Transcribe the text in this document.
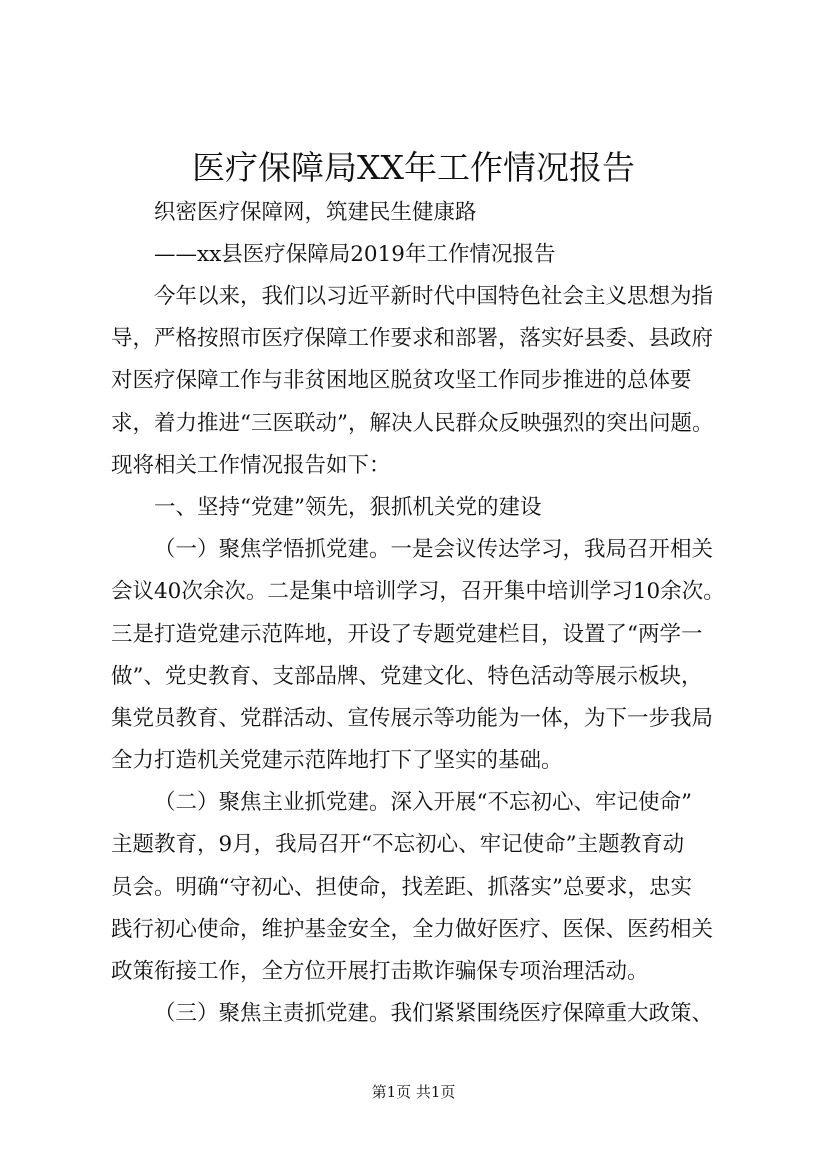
医疗保障局XX年工作情况报告
织密医疗保障网，筑建民生健康路
——xx县医疗保障局2019年工作情况报告
今年以来，我们以习近平新时代中国特色社会主义思想为指
导，严格按照市医疗保障工作要求和部署，落实好县委、县政府
对医疗保障工作与非贫困地区脱贫攻坚工作同步推进的总体要
求，着力推进“三医联动”，解决人民群众反映强烈的突出问题。
现将相关工作情况报告如下：
一、坚持“党建”领先，狠抓机关党的建设
（一）聚焦学悟抓党建。一是会议传达学习，我局召开相关
会议40次余次。二是集中培训学习，召开集中培训学习10余次。
三是打造党建示范阵地，开设了专题党建栏目，设置了“两学一
做”、党史教育、支部品牌、党建文化、特色活动等展示板块，
集党员教育、党群活动、宣传展示等功能为一体，为下一步我局
全力打造机关党建示范阵地打下了坚实的基础。
（二）聚焦主业抓党建。深入开展“不忘初心、牢记使命”
主题教育，9月，我局召开“不忘初心、牢记使命”主题教育动
员会。明确“守初心、担使命，找差距、抓落实”总要求，忠实
践行初心使命，维护基金安全，全力做好医疗、医保、医药相关
政策衔接工作，全方位开展打击欺诈骗保专项治理活动。
（三）聚焦主责抓党建。我们紧紧围绕医疗保障重大政策、
第1页 共1页
